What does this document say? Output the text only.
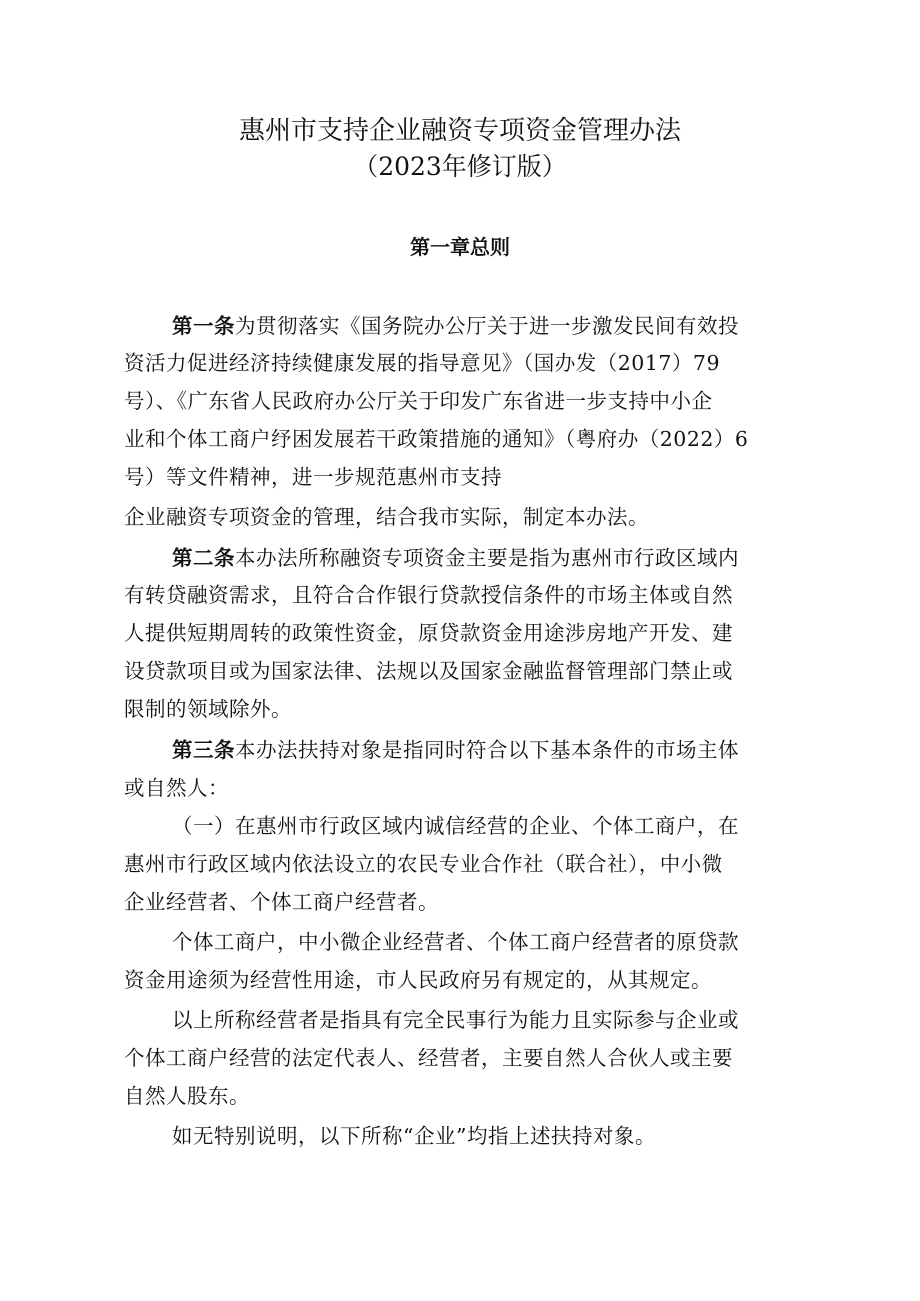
惠州市支持企业融资专项资金管理办法
（2023年修订版）
第一章总则
第一条为贯彻落实《国务院办公厅关于进一步激发民间有效投
资活力促进经济持续健康发展的指导意见》（国办发（2017）79
号）、《广东省人民政府办公厅关于印发广东省进一步支持中小企
业和个体工商户纾困发展若干政策措施的通知》（粤府办（2022）6
号）等文件精神，进一步规范惠州市支持
企业融资专项资金的管理，结合我市实际，制定本办法。
第二条本办法所称融资专项资金主要是指为惠州市行政区域内
有转贷融资需求，且符合合作银行贷款授信条件的市场主体或自然
人提供短期周转的政策性资金，原贷款资金用途涉房地产开发、建
设贷款项目或为国家法律、法规以及国家金融监督管理部门禁止或
限制的领域除外。
第三条本办法扶持对象是指同时符合以下基本条件的市场主体
或自然人：
（一）在惠州市行政区域内诚信经营的企业、个体工商户，在
惠州市行政区域内依法设立的农民专业合作社（联合社），中小微
企业经营者、个体工商户经营者。
个体工商户，中小微企业经营者、个体工商户经营者的原贷款
资金用途须为经营性用途，市人民政府另有规定的，从其规定。
以上所称经营者是指具有完全民事行为能力且实际参与企业或
个体工商户经营的法定代表人、经营者，主要自然人合伙人或主要
自然人股东。
如无特别说明，以下所称“企业”均指上述扶持对象。
